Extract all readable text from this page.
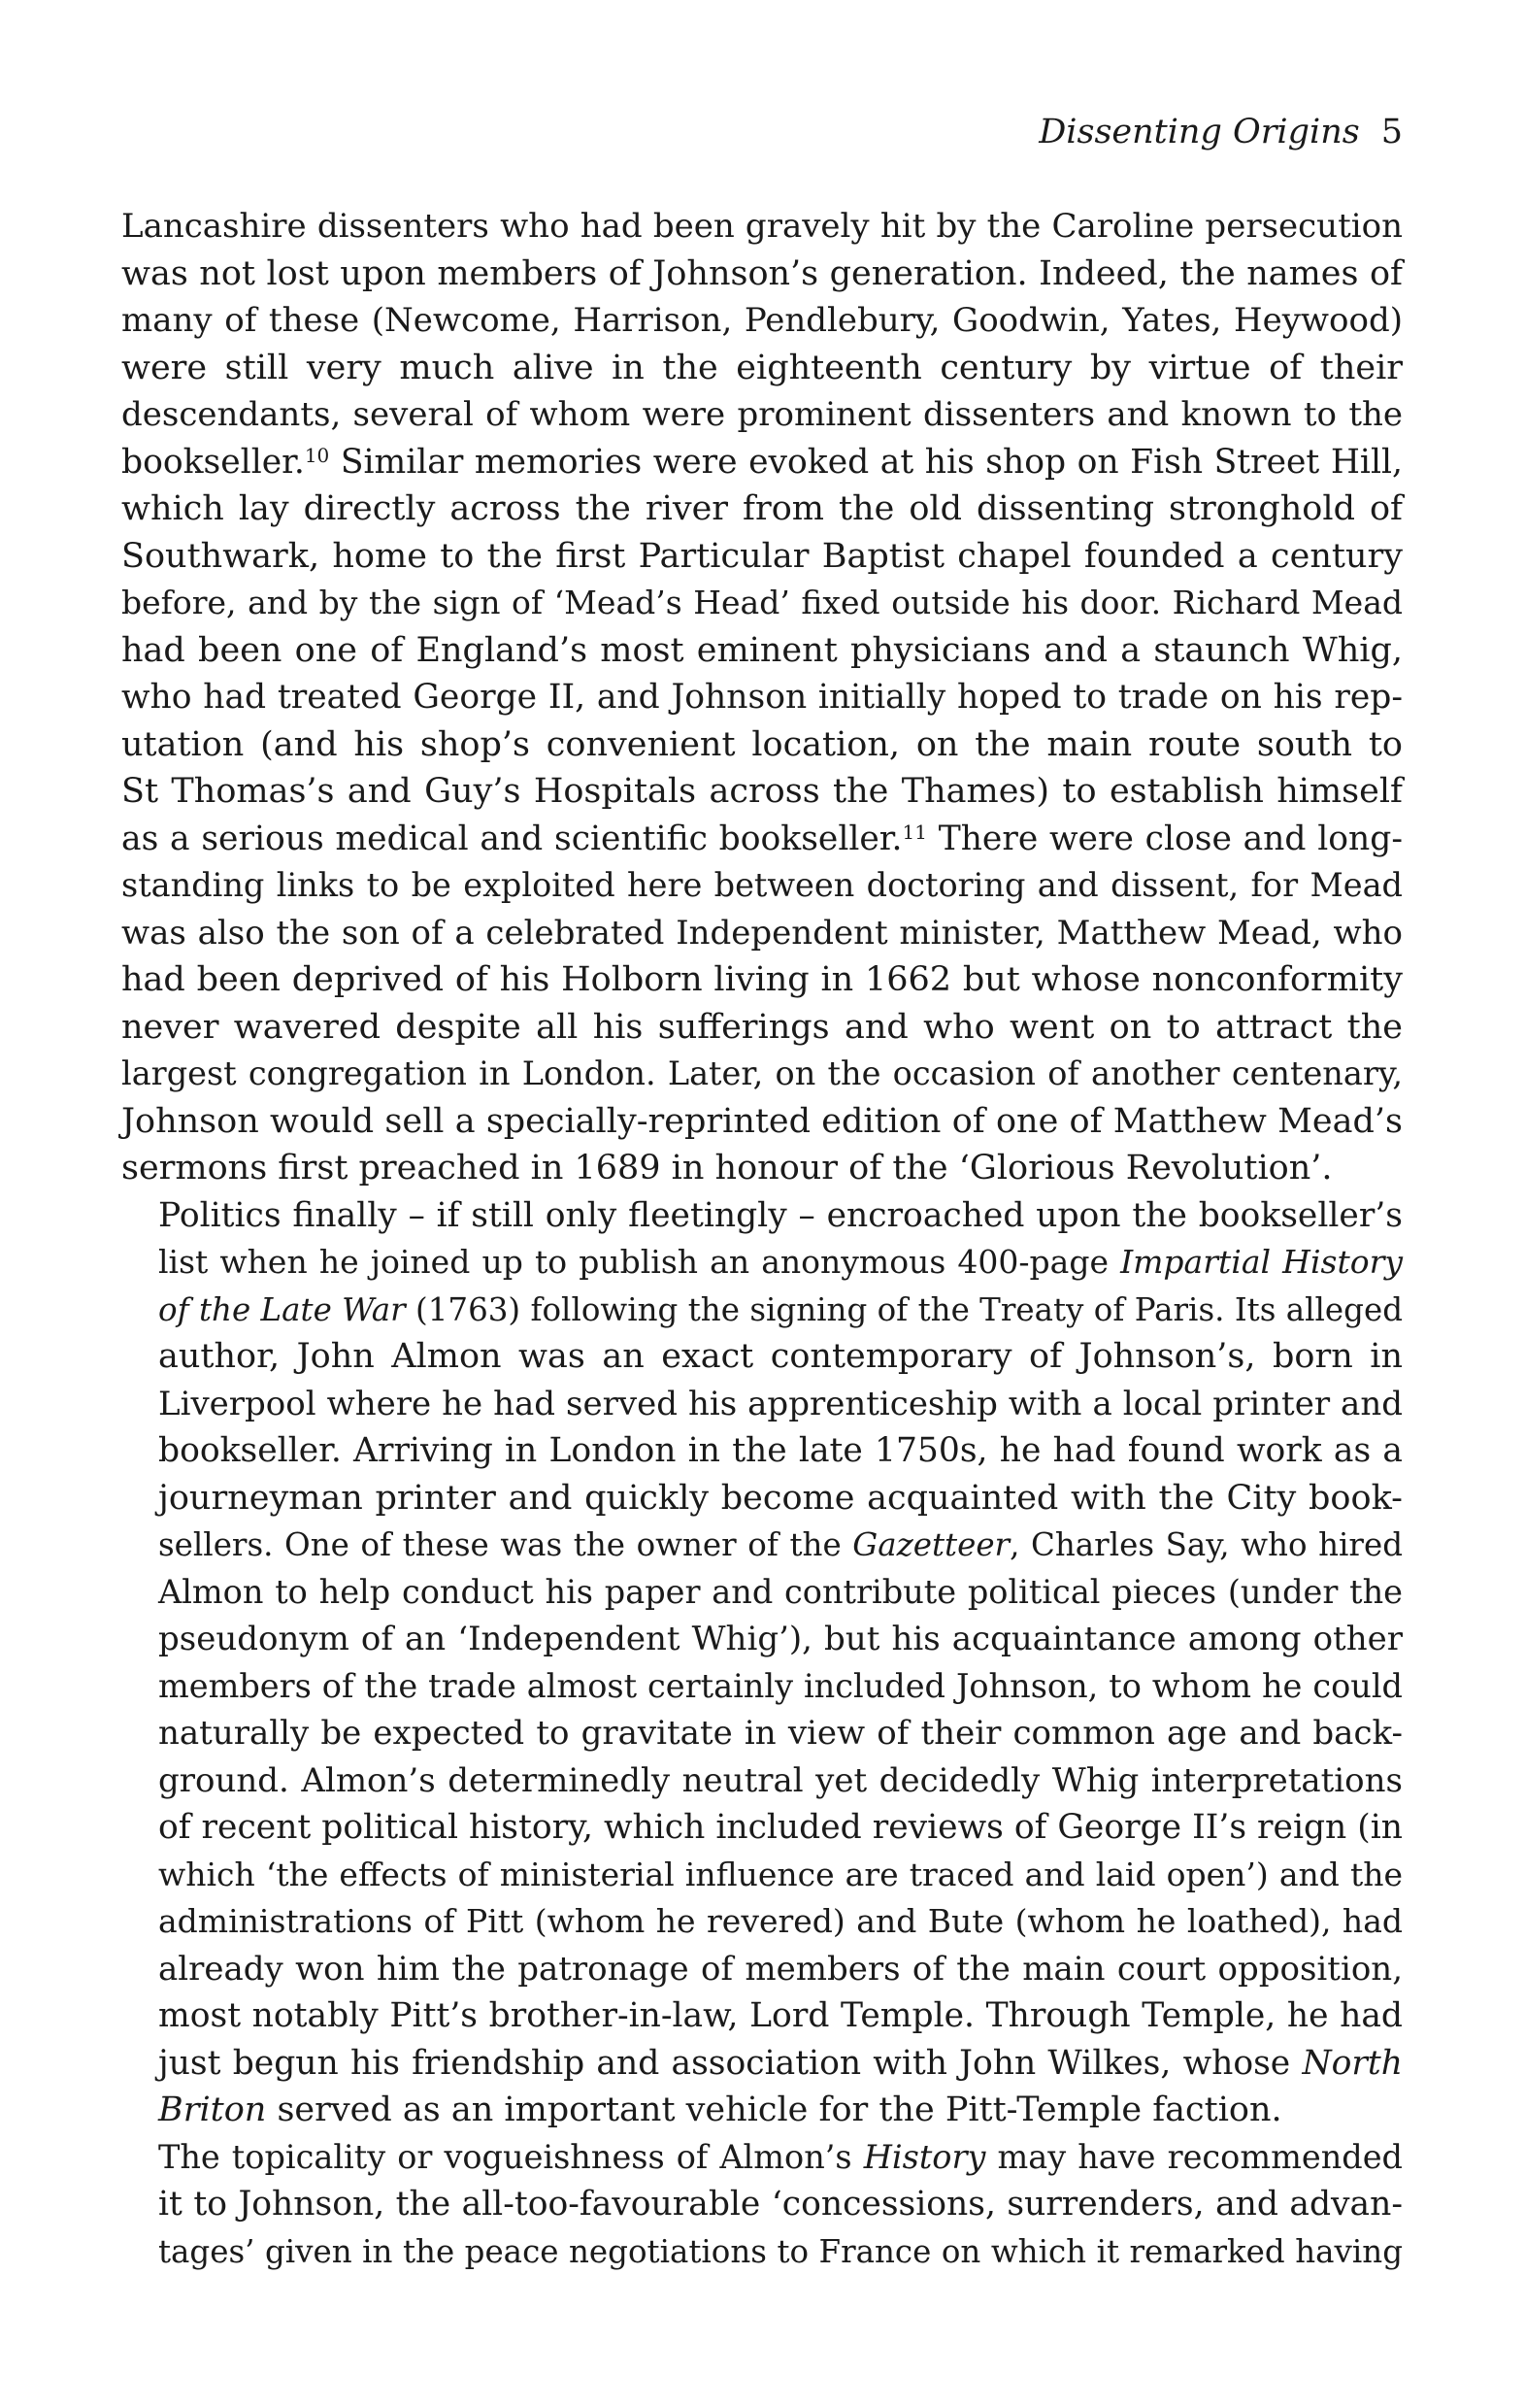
Dissenting Origins 5

Lancashire dissenters who had been gravely hit by the Caroline persecution
was not lost upon members of Johnson’s generation. Indeed, the names of
many of these (Newcome, Harrison, Pendlebury, Goodwin, Yates, Heywood)
were still very much alive in the eighteenth century by virtue of their
descendants, several of whom were prominent dissenters and known to the
bookseller.$^{10}$ Similar memories were evoked at his shop on Fish Street Hill,
which lay directly across the river from the old dissenting stronghold of
Southwark, home to the first Particular Baptist chapel founded a century
before, and by the sign of ‘Mead’s Head’ fixed outside his door. Richard Mead
had been one of England’s most eminent physicians and a staunch Whig,
who had treated George II, and Johnson initially hoped to trade on his rep-
utation (and his shop’s convenient location, on the main route south to
St Thomas’s and Guy’s Hospitals across the Thames) to establish himself
as a serious medical and scientific bookseller.$^{11}$ There were close and long-
standing links to be exploited here between doctoring and dissent, for Mead
was also the son of a celebrated Independent minister, Matthew Mead, who
had been deprived of his Holborn living in 1662 but whose nonconformity
never wavered despite all his sufferings and who went on to attract the
largest congregation in London. Later, on the occasion of another centenary,
Johnson would sell a specially-reprinted edition of one of Matthew Mead’s
sermons first preached in 1689 in honour of the ‘Glorious Revolution’.

Politics finally – if still only fleetingly – encroached upon the bookseller’s
list when he joined up to publish an anonymous 400-page Impartial History
of the Late War (1763) following the signing of the Treaty of Paris. Its alleged
author, John Almon was an exact contemporary of Johnson’s, born in
Liverpool where he had served his apprenticeship with a local printer and
bookseller. Arriving in London in the late 1750s, he had found work as a
journeyman printer and quickly become acquainted with the City book-
sellers. One of these was the owner of the Gazetteer, Charles Say, who hired
Almon to help conduct his paper and contribute political pieces (under the
pseudonym of an ‘Independent Whig’), but his acquaintance among other
members of the trade almost certainly included Johnson, to whom he could
naturally be expected to gravitate in view of their common age and back-
ground. Almon’s determinedly neutral yet decidedly Whig interpretations
of recent political history, which included reviews of George II’s reign (in
which ‘the effects of ministerial influence are traced and laid open’) and the
administrations of Pitt (whom he revered) and Bute (whom he loathed), had
already won him the patronage of members of the main court opposition,
most notably Pitt’s brother-in-law, Lord Temple. Through Temple, he had
just begun his friendship and association with John Wilkes, whose North
Briton served as an important vehicle for the Pitt-Temple faction.

The topicality or vogueishness of Almon’s History may have recommended
it to Johnson, the all-too-favourable ‘concessions, surrenders, and advan-
tages’ given in the peace negotiations to France on which it remarked having
